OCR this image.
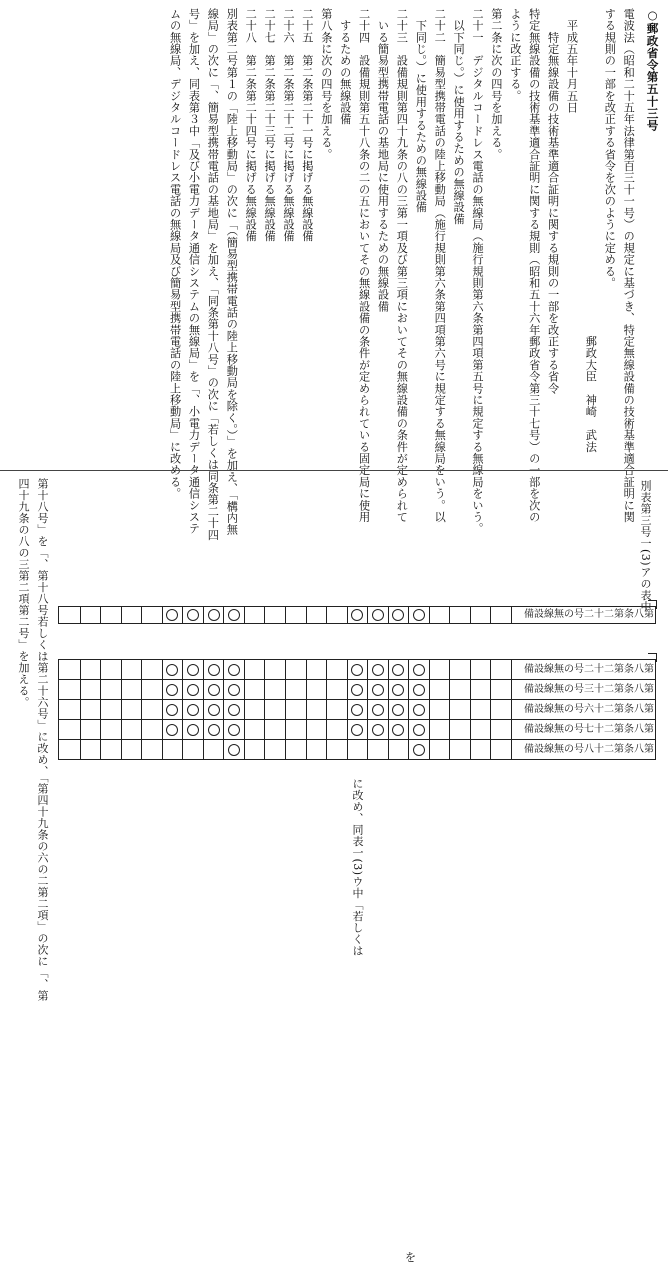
○郵政省令第五十三号
電波法（昭和二十五年法律第百三十一号）の規定に基づき、特定無線設備の技術基準適合証明に関
する規則の一部を改正する省令を次のように定める。
　　　　　　　　　　　　　　　　　　　　　　　　　　　　郵政大臣　神崎　武法
　平成五年十月五日
　　特定無線設備の技術基準適合証明に関する規則の一部を改正する省令
特定無線設備の技術基準適合証明に関する規則（昭和五十六年郵政省令第三十七号）の一部を次の
ように改正する。
第二条に次の四号を加える。
二十一　デジタルコードレス電話の無線局（施行規則第六条第四項第五号に規定する無線局をいう。
　以下同じ。）に使用するための無線設備
二十二　簡易型携帯電話の陸上移動局（施行規則第六条第四項第六号に規定する無線局をいう。以
　下同じ。）に使用するための無線設備
二十三　設備規則第四十九条の八の三第一項及び第三項においてその無線設備の条件が定められて
　いる簡易型携帯電話の基地局に使用するための無線設備
二十四　設備規則第五十八条の二の五においてその無線設備の条件が定められている固定局に使用
　するための無線設備
第八条に次の四号を加える。
二十五　第二条第二十一号に掲げる無線設備
二十六　第二条第二十二号に掲げる無線設備
二十七　第二条第二十三号に掲げる無線設備
二十八　第二条第二十四号に掲げる無線設備
別表第二号第１の「陸上移動局」の次に「（簡易型携帯電話の陸上移動局を除く。）」を加え、「構内無
線局」の次に「、簡易型携帯電話の基地局」を加え、「同条第十八号」の次に「若しくは同条第二十四
号」を加え、同表第３中「及び小電力データ通信システムの無線局」を「、小電力データ通信システ
ムの無線局、デジタルコードレス電話の無線局及び簡易型携帯電話の陸上移動局」に改める。
別表第三号一(3)アの表中
第十八号」を「、第十八号若しくは第二十六号」に改め、「第四十九条の六の二第二項」の次に「、第
四十九条の八の三第二項第二号」を加える。	第八条第二十二号の無線設備
を
第八条第二十二号の無線設備
第八条第二十三号の無線設備
第八条第二十六号の無線設備
第八条第二十七号の無線設備
第八条第二十八号の無線設備
に改め、同表一(3)ウ中「若しくは
